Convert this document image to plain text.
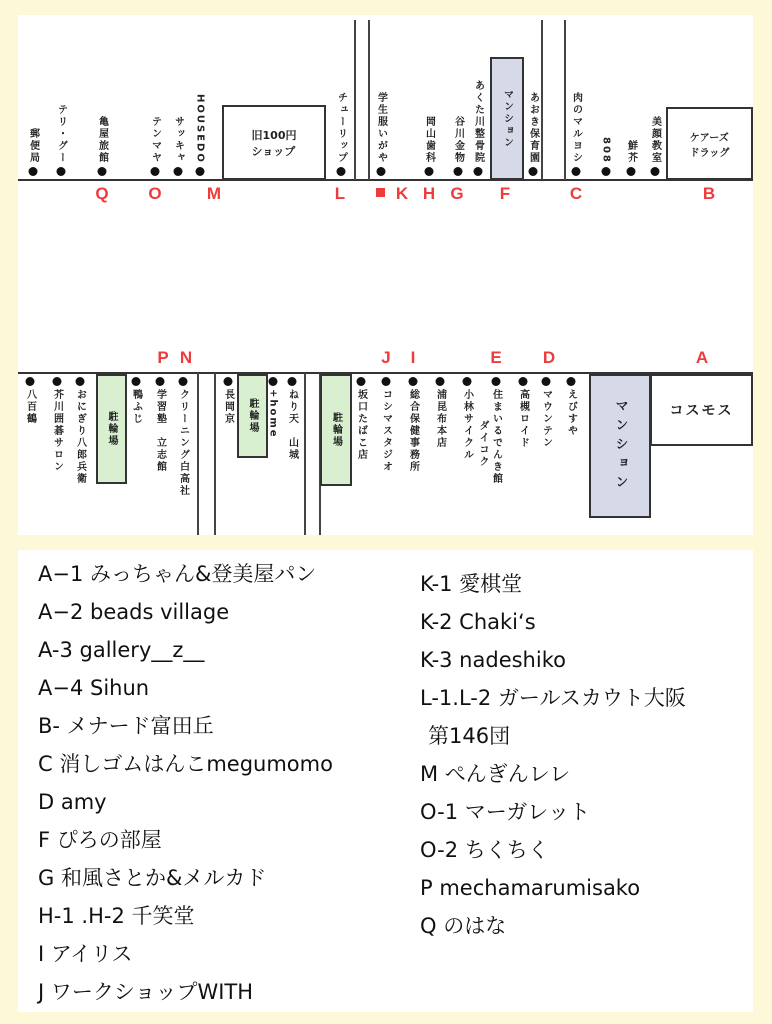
郵便局 テリ・グー	亀屋旅館	テンマヤ サッキャ HOUSEDO	チューリップ	学生服いがや	岡山歯科 谷川金物 あくた川整骨院	あおき保育園	肉のマルヨシ 808 鮮芥 美顔教室
旧100円
ショップ
マンション	ケアーズ
ドラッグ
Q O	M	L	K H G F	C	B
P N	J I	E D	A
八百鶴 芥川囲碁サロン おにぎり八郎兵衛	鴨ふじ 学習塾　立志館 クリーニング白高社	長岡京	+home ねり天　山城	坂口たばこ店 コシマスタジオ 総合保健事務所 浦昆布本店 小林サイクル 住まいるでんき館
ダイコク	高槻ロイド マウンテン えびすや
駐輪場	駐輪場	駐輪場	マンション	コスモス
A−1 みっちゃん&登美屋パン
A−2 beads village
A-3 gallery__z__
A−4 Sihun
B- メナード富田丘
C 消しゴムはんこmegumomo
D amy
F ぴろの部屋
G 和風さとか&メルカド
H-1 .H-2 千笑堂
I アイリス
J ワークショップWITH
K-1 愛棋堂
K-2 Chaki‘s
K-3 nadeshiko
L-1.L-2 ガールスカウト大阪
第146団
M ぺんぎんレレ
O-1 マーガレット
O-2 ちくちく
P mechamarumisako
Q のはな
